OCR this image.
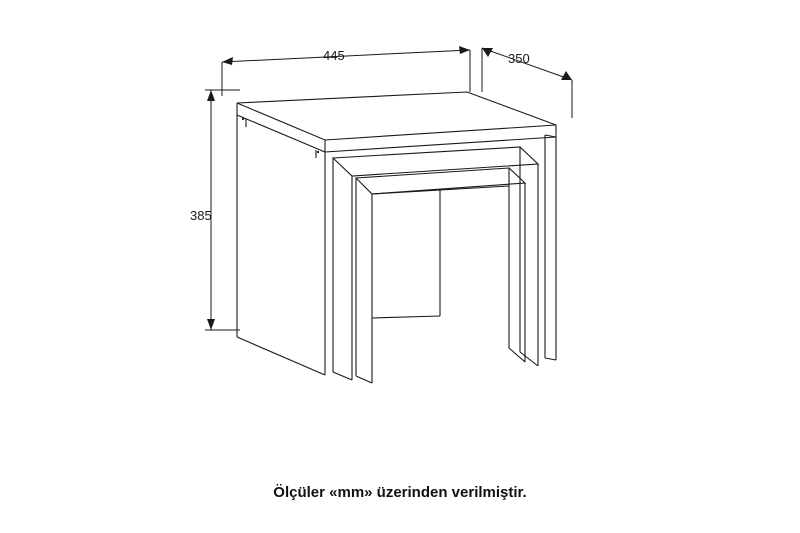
445	350
385
Ölçüler «mm» üzerinden verilmiştir.
